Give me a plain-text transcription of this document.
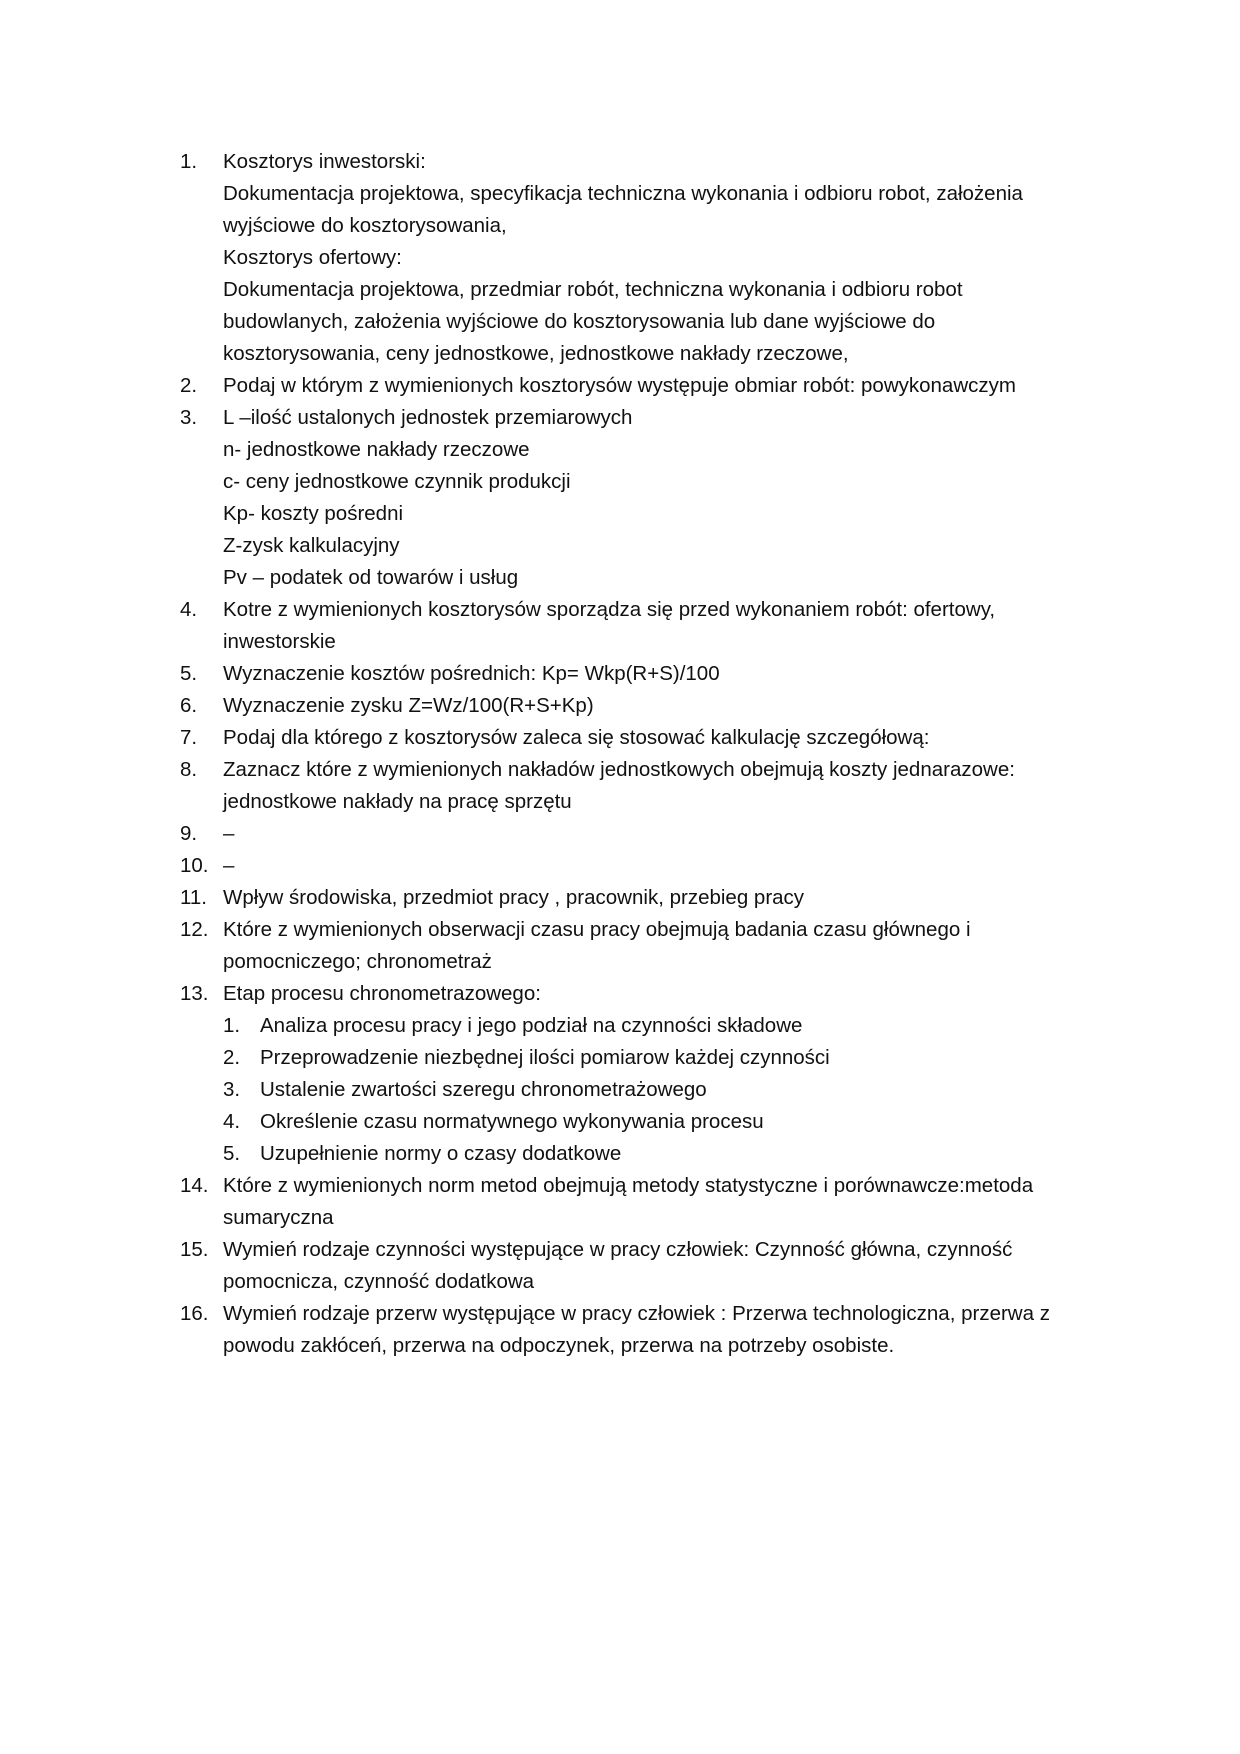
1.	Kosztorys inwestorski:
Dokumentacja projektowa, specyfikacja techniczna wykonania i odbioru robot, założenia
wyjściowe do kosztorysowania,
Kosztorys ofertowy:
Dokumentacja projektowa, przedmiar robót, techniczna wykonania i odbioru robot
budowlanych, założenia wyjściowe do kosztorysowania lub dane wyjściowe do
kosztorysowania, ceny jednostkowe, jednostkowe nakłady rzeczowe,
2.	Podaj w którym z wymienionych kosztorysów występuje obmiar robót: powykonawczym
3.	L –ilość ustalonych jednostek przemiarowych
n- jednostkowe nakłady rzeczowe
c- ceny jednostkowe czynnik produkcji
Kp- koszty pośredni
Z-zysk kalkulacyjny
Pv – podatek od towarów i usług
4.	Kotre z wymienionych kosztorysów sporządza się przed wykonaniem robót: ofertowy,
inwestorskie
5.	Wyznaczenie kosztów pośrednich: Kp= Wkp(R+S)/100
6.	Wyznaczenie zysku Z=Wz/100(R+S+Kp)
7.	Podaj dla którego z kosztorysów zaleca się stosować kalkulację szczegółową:
8.	Zaznacz które z wymienionych nakładów jednostkowych obejmują koszty jednarazowe:
jednostkowe nakłady na pracę sprzętu
9.	–
10. –
11. Wpływ środowiska, przedmiot pracy , pracownik, przebieg pracy
12. Które z wymienionych obserwacji czasu pracy obejmują badania czasu głównego i
pomocniczego; chronometraż
13. Etap procesu chronometrazowego:
1. Analiza procesu pracy i jego podział na czynności składowe
2. Przeprowadzenie niezbędnej ilości pomiarow każdej czynności
3. Ustalenie zwartości szeregu chronometrażowego
4. Określenie czasu normatywnego wykonywania procesu
5. Uzupełnienie normy o czasy dodatkowe
14. Które z wymienionych norm metod obejmują metody statystyczne i porównawcze:metoda
sumaryczna
15. Wymień rodzaje czynności występujące w pracy człowiek: Czynność główna, czynność
pomocnicza, czynność dodatkowa
16. Wymień rodzaje przerw występujące w pracy człowiek : Przerwa technologiczna, przerwa z
powodu zakłóceń, przerwa na odpoczynek, przerwa na potrzeby osobiste.
